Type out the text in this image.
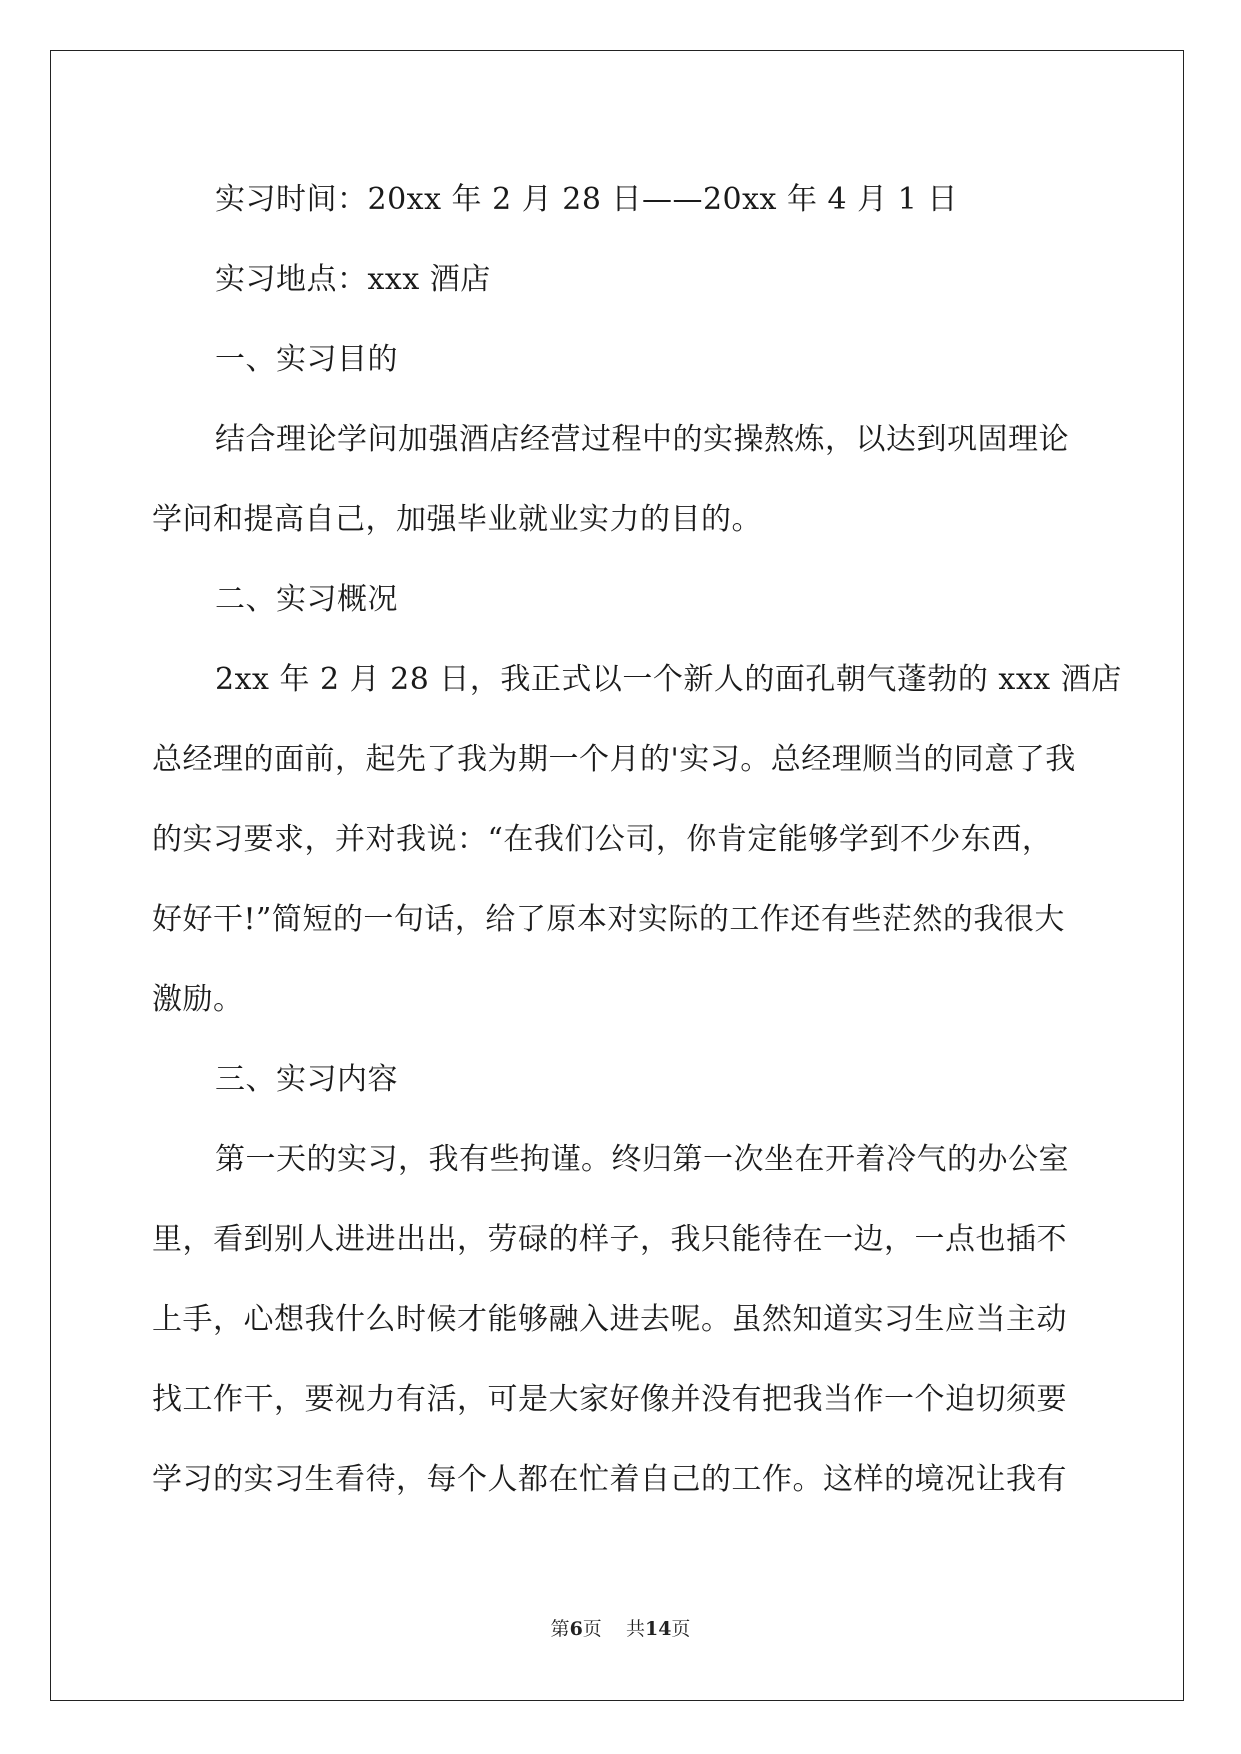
实习时间：20xx 年 2 月 28 日——20xx 年 4 月 1 日
实习地点：xxx 酒店
一、实习目的
结合理论学问加强酒店经营过程中的实操熬炼，以达到巩固理论
学问和提高自己，加强毕业就业实力的目的。
二、实习概况
2xx 年 2 月 28 日，我正式以一个新人的面孔朝气蓬勃的 xxx 酒店
总经理的面前，起先了我为期一个月的'实习。总经理顺当的同意了我
的实习要求，并对我说：“在我们公司，你肯定能够学到不少东西，
好好干!”简短的一句话，给了原本对实际的工作还有些茫然的我很大
激励。
三、实习内容
第一天的实习，我有些拘谨。终归第一次坐在开着冷气的办公室
里，看到别人进进出出，劳碌的样子，我只能待在一边，一点也插不
上手，心想我什么时候才能够融入进去呢。虽然知道实习生应当主动
找工作干，要视力有活，可是大家好像并没有把我当作一个迫切须要
学习的实习生看待，每个人都在忙着自己的工作。这样的境况让我有
第6页    共14页
